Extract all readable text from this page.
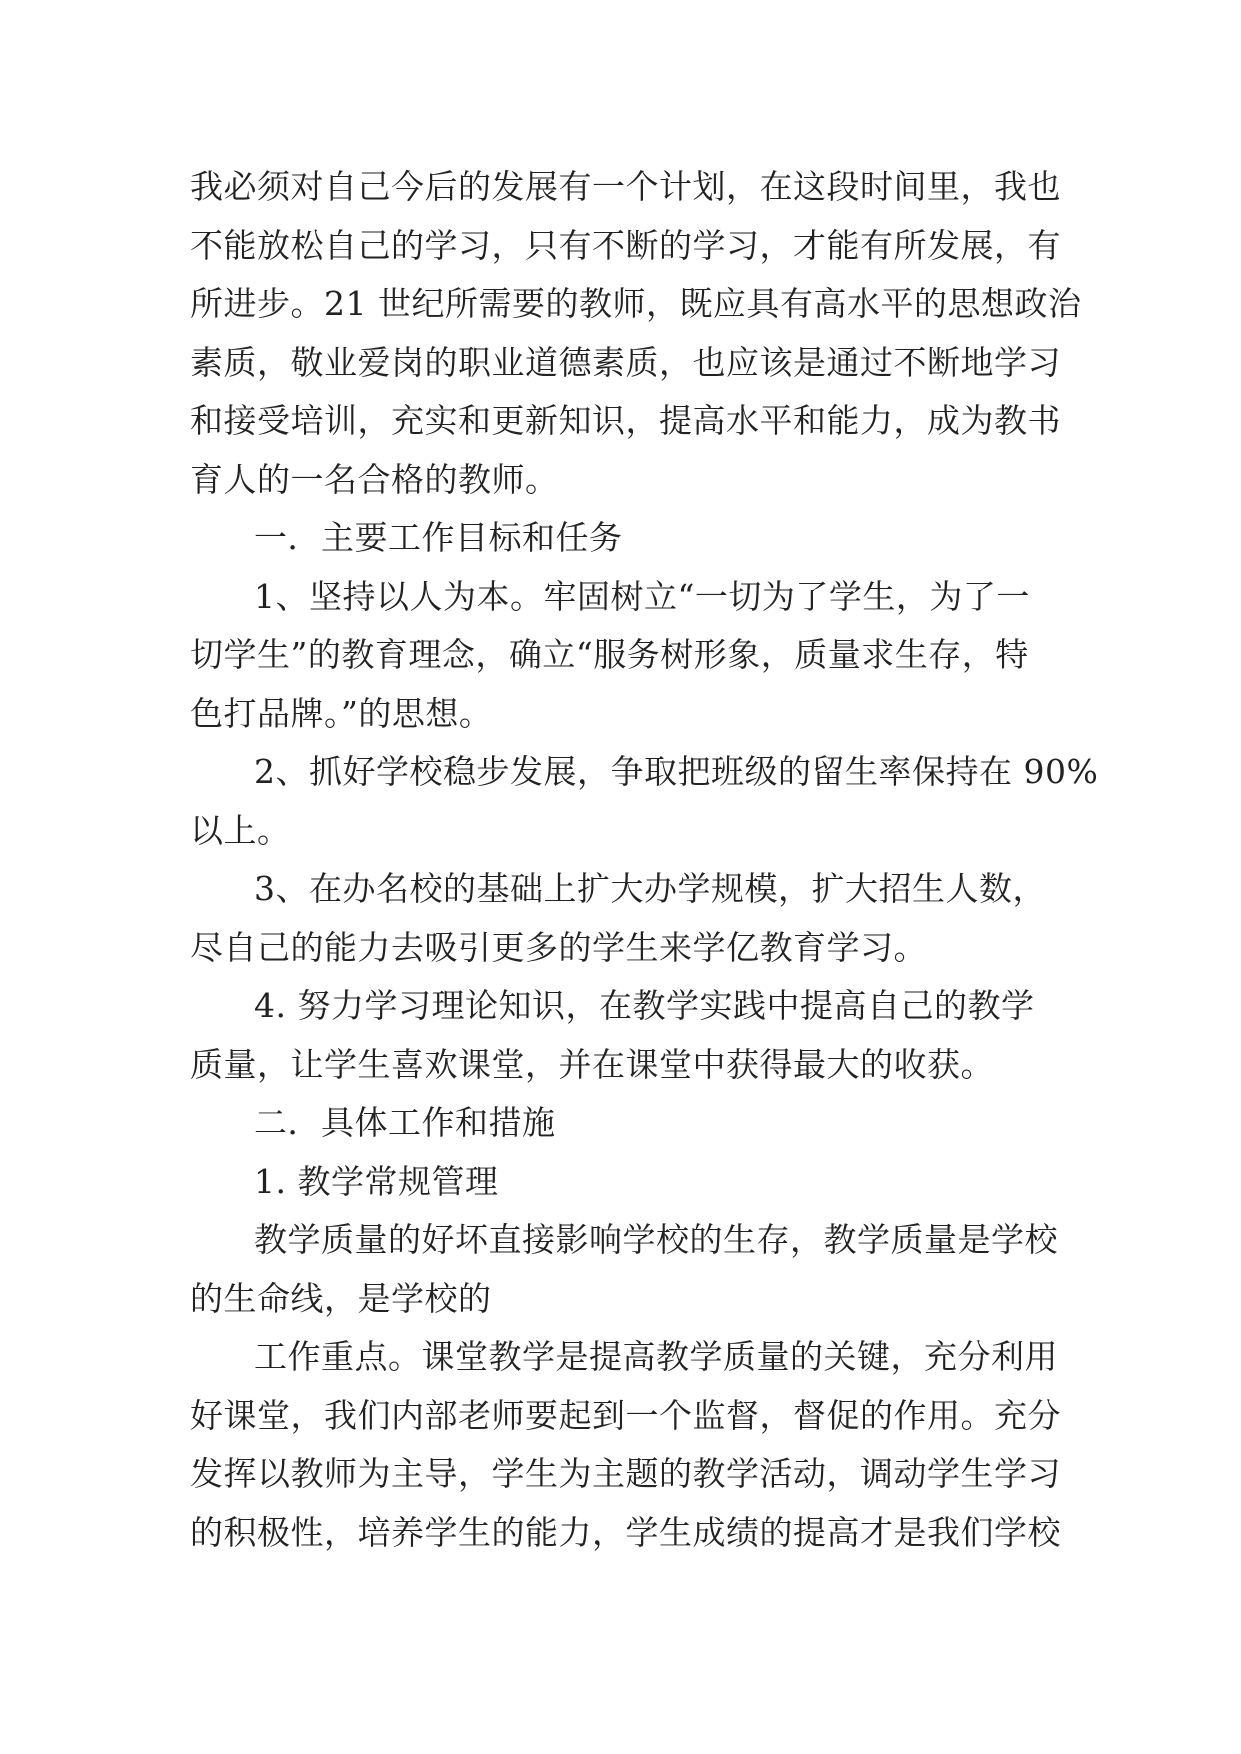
我必须对自己今后的发展有一个计划，在这段时间里，我也
不能放松自己的学习，只有不断的学习，才能有所发展，有
所进步。21 世纪所需要的教师，既应具有高水平的思想政治
素质，敬业爱岗的职业道德素质，也应该是通过不断地学习
和接受培训，充实和更新知识，提高水平和能力，成为教书
育人的一名合格的教师。
一．主要工作目标和任务
1、坚持以人为本。牢固树立“一切为了学生，为了一
切学生”的教育理念，确立“服务树形象，质量求生存，特
色打品牌。”的思想。
2、抓好学校稳步发展，争取把班级的留生率保持在 90%
以上。
3、在办名校的基础上扩大办学规模，扩大招生人数，
尽自己的能力去吸引更多的学生来学亿教育学习。
4. 努力学习理论知识，在教学实践中提高自己的教学
质量，让学生喜欢课堂，并在课堂中获得最大的收获。
二．具体工作和措施
1. 教学常规管理
教学质量的好坏直接影响学校的生存，教学质量是学校
的生命线，是学校的
工作重点。课堂教学是提高教学质量的关键，充分利用
好课堂，我们内部老师要起到一个监督，督促的作用。充分
发挥以教师为主导，学生为主题的教学活动，调动学生学习
的积极性，培养学生的能力，学生成绩的提高才是我们学校
